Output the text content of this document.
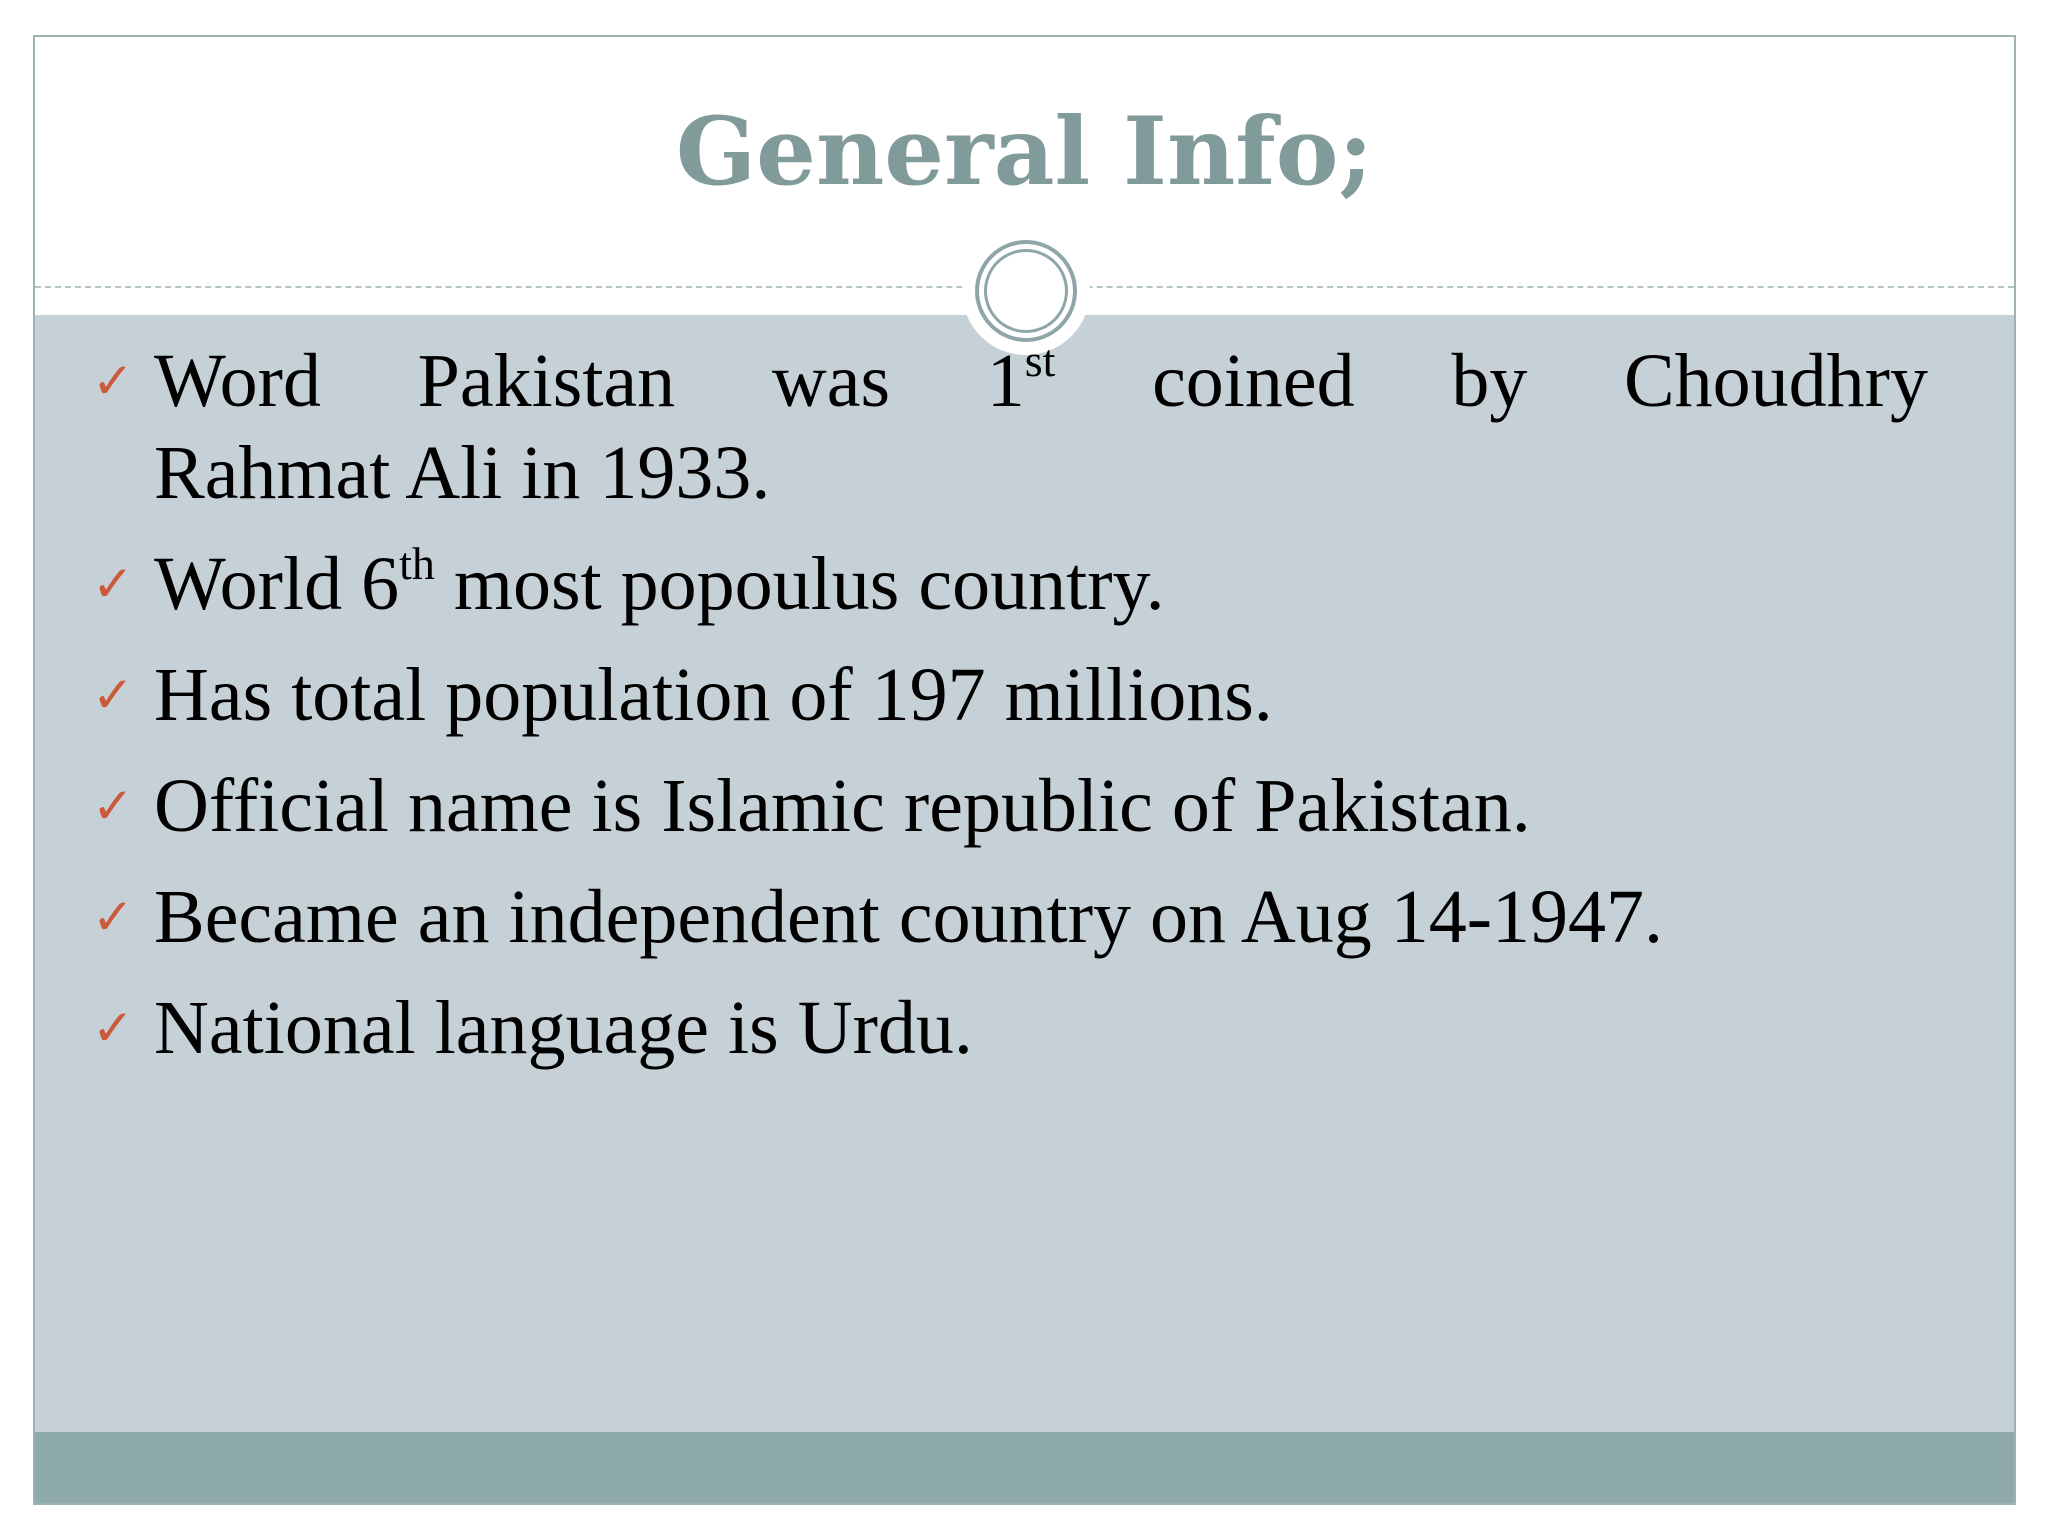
General Info;
✓ Word Pakistan was 1st coined by Choudhry
Rahmat Ali in 1933.
✓ World 6th most popoulus country.
✓ Has total population of 197 millions.
✓ Official name is Islamic republic of Pakistan.
✓ Became an independent country on Aug 14-1947.
✓ National language is Urdu.
